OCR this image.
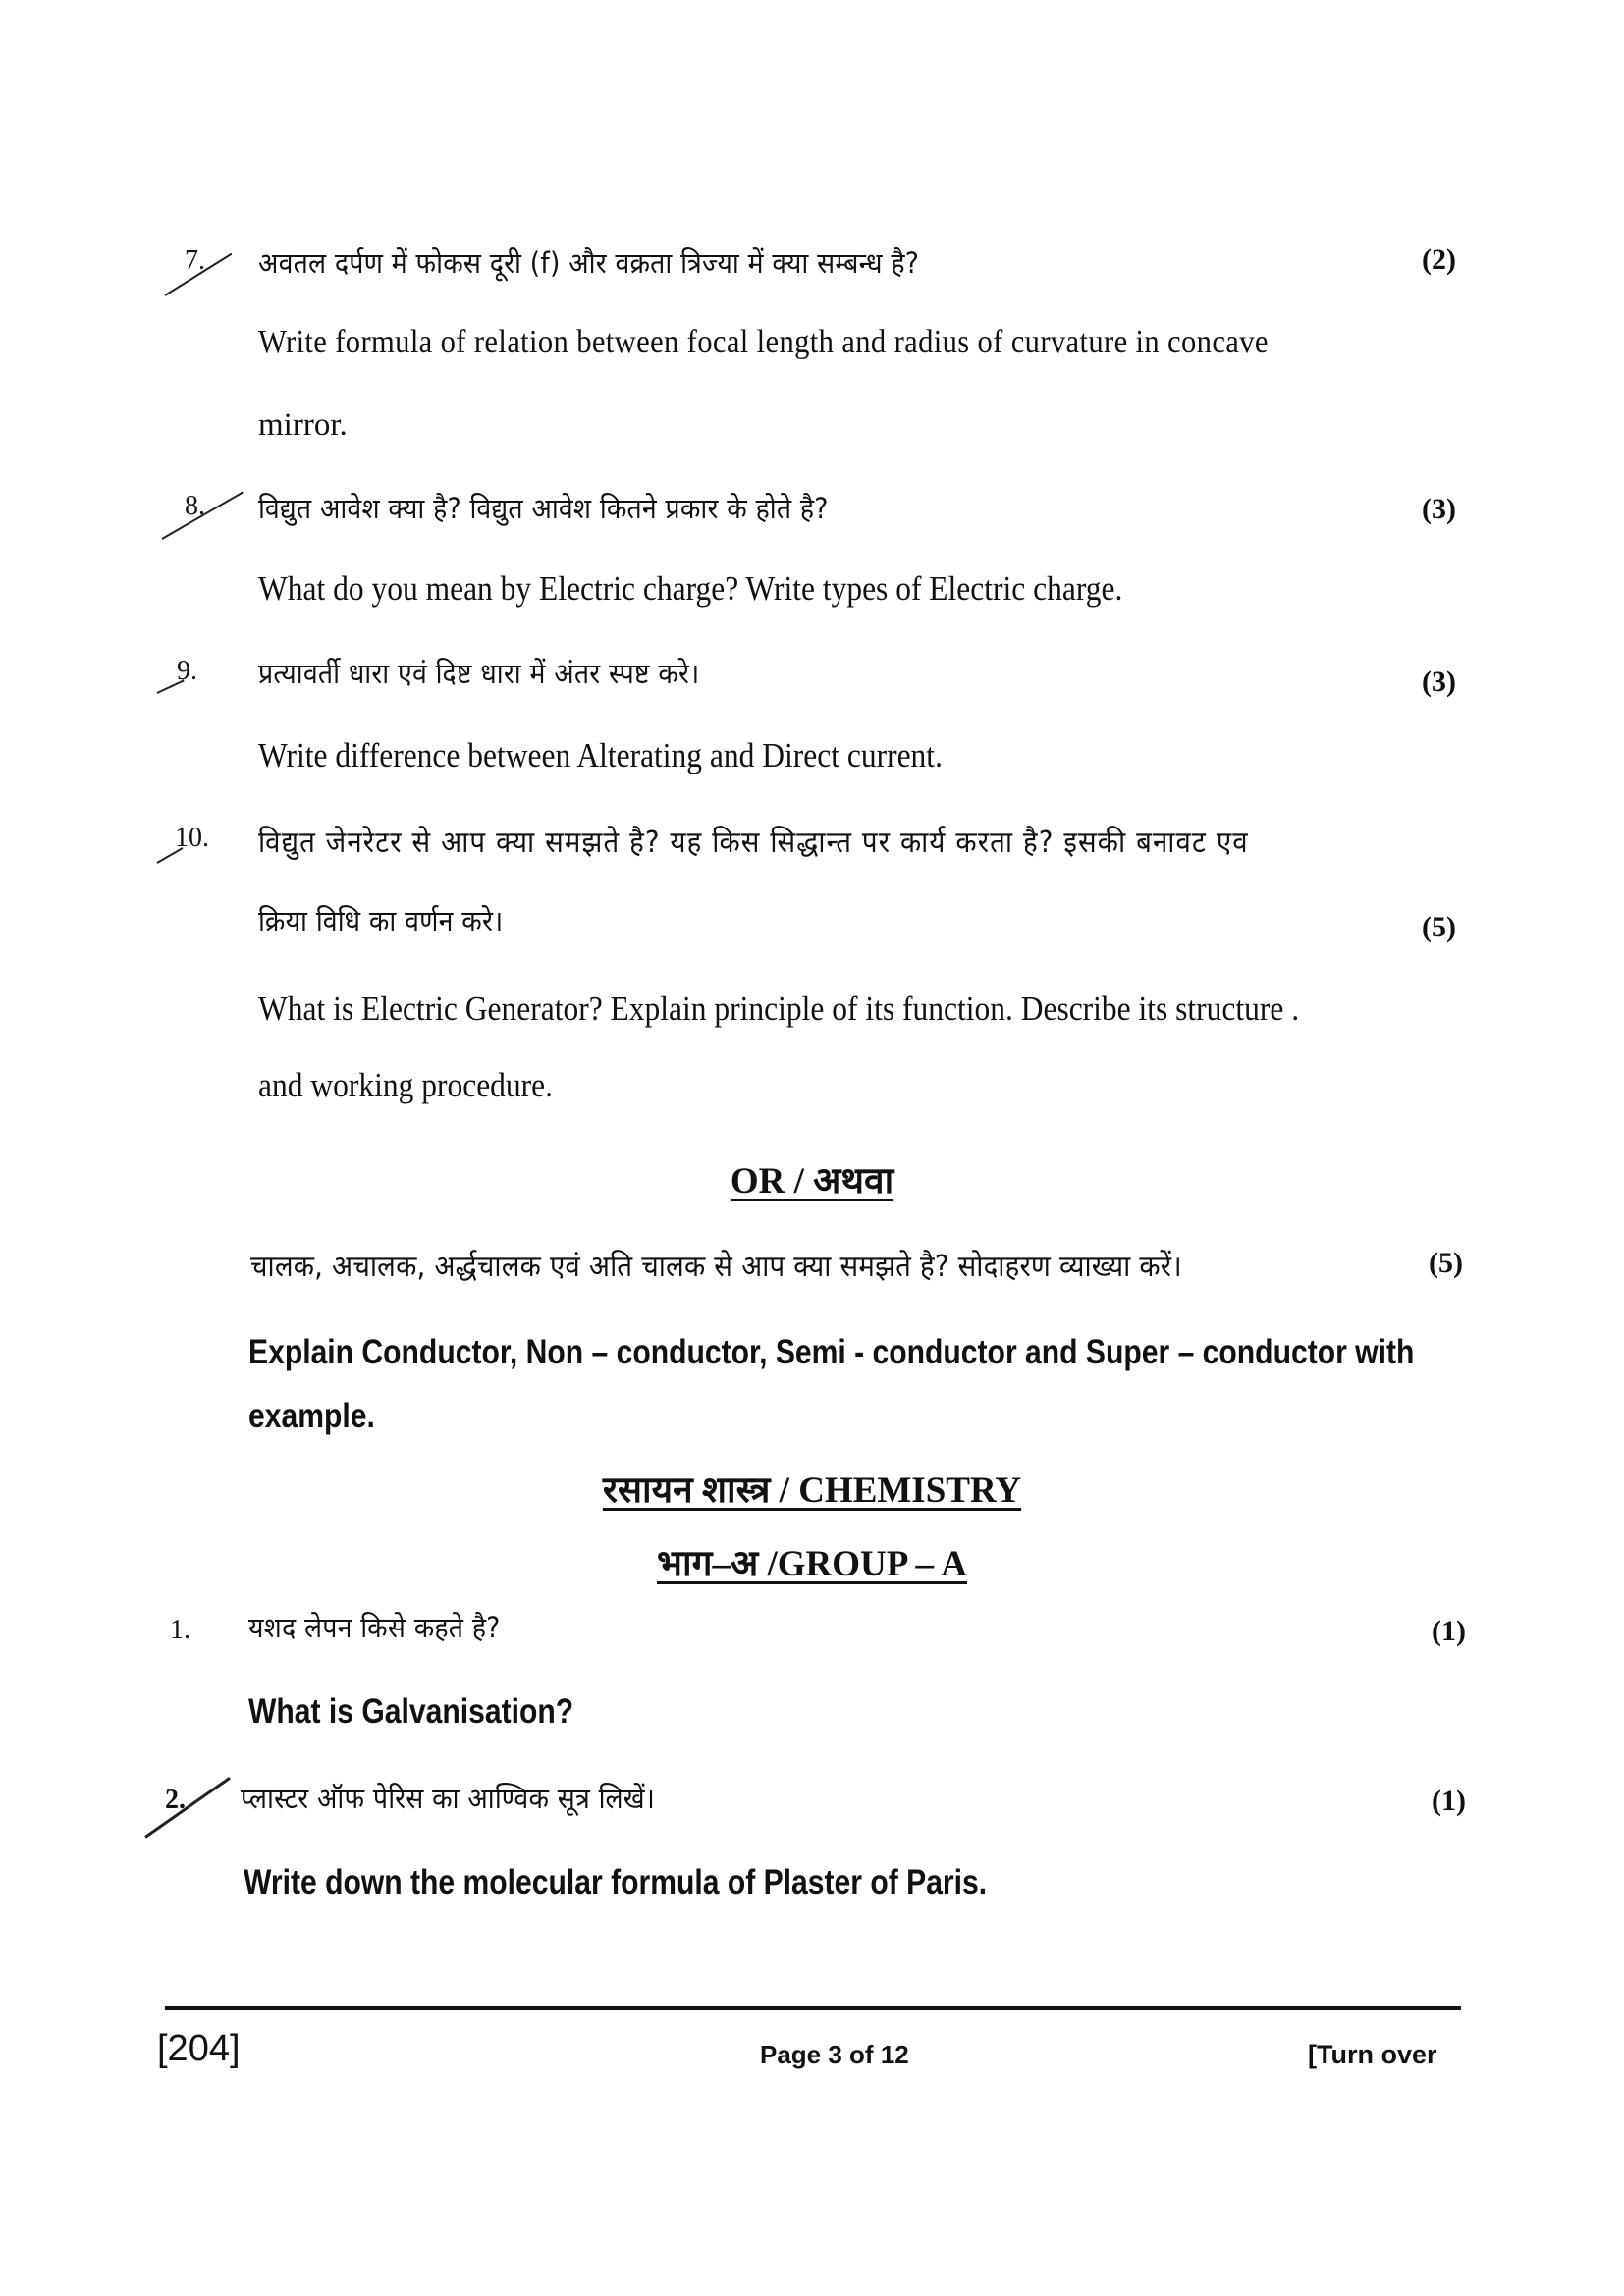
7. अवतल दर्पण में फोकस दूरी (f) और वक्रता त्रिज्या में क्या सम्बन्ध है?	(2)
Write formula of relation between focal length and radius of curvature in concave
mirror.
8. विद्युत आवेश क्या है? विद्युत आवेश कितने प्रकार के होते है?	(3)
What do you mean by Electric charge? Write types of Electric charge.
9. प्रत्यावर्ती धारा एवं दिष्ट धारा में अंतर स्पष्ट करे।	(3)
Write difference between Alterating and Direct current.
10. विद्युत जेनरेटर से आप क्या समझते है? यह किस सिद्धान्त पर कार्य करता है? इसकी बनावट एव
क्रिया विधि का वर्णन करे।	(5)
What is Electric Generator? Explain principle of its function. Describe its structure .
and working procedure.
OR / अथवा
चालक, अचालक, अर्द्धचालक एवं अति चालक से आप क्या समझते है? सोदाहरण व्याख्या करें।	(5)
Explain Conductor, Non – conductor, Semi - conductor and Super – conductor with
example.
रसायन शास्त्र / CHEMISTRY
भाग–अ /GROUP – A
1. यशद लेपन किसे कहते है?	(1)
What is Galvanisation?
2. प्लास्टर ऑफ पेरिस का आण्विक सूत्र लिखें।	(1)
Write down the molecular formula of Plaster of Paris.
[204]	Page 3 of 12	[Turn over
